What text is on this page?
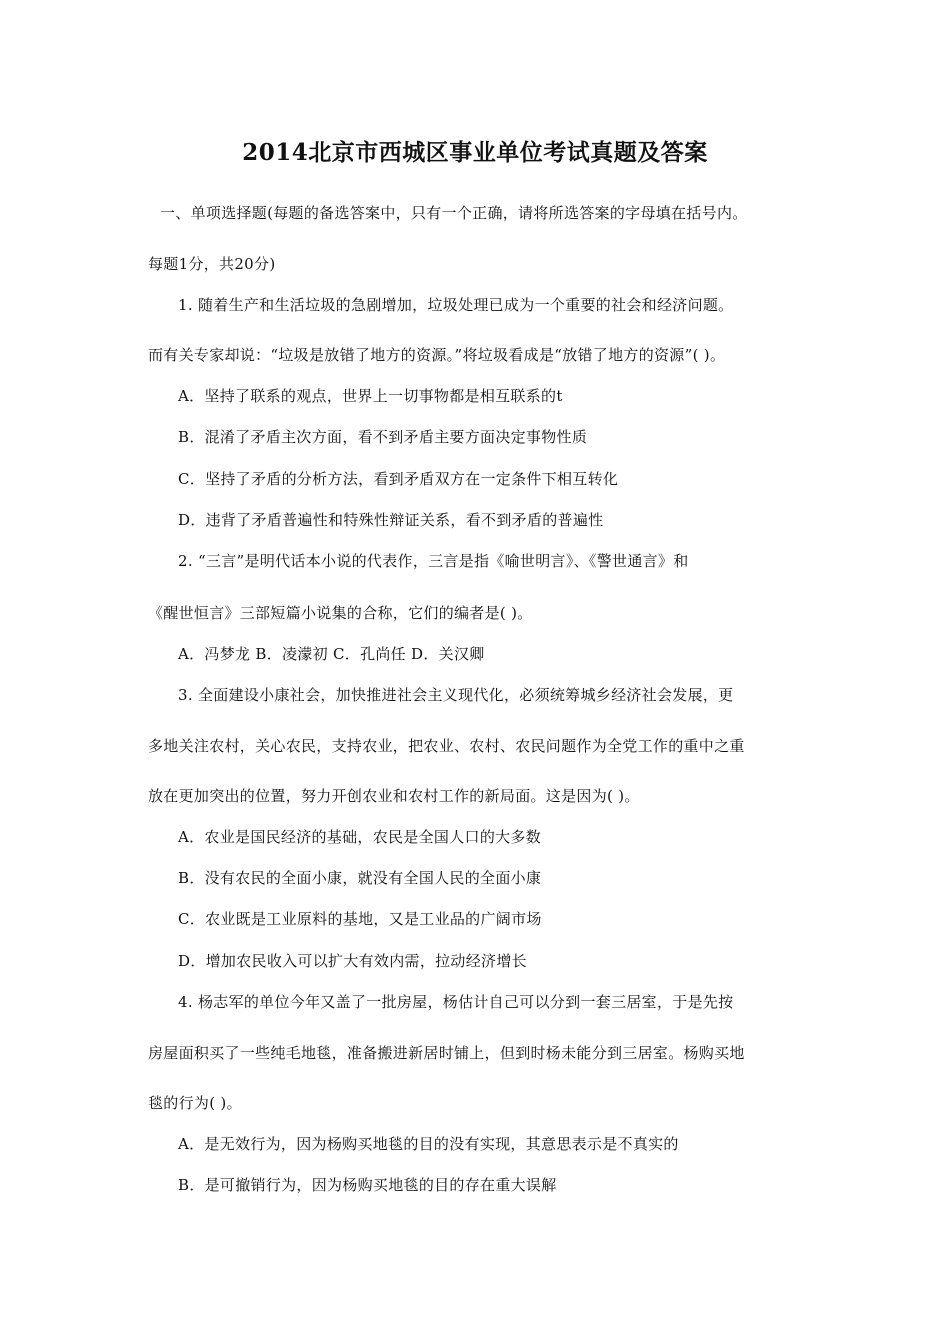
2014北京市西城区事业单位考试真题及答案
一、单项选择题(每题的备选答案中，只有一个正确，请将所选答案的字母填在括号内。
每题1分，共20分)
1. 随着生产和生活垃圾的急剧增加，垃圾处理已成为一个重要的社会和经济问题。
而有关专家却说：“垃圾是放错了地方的资源。”将垃圾看成是“放错了地方的资源”( )。
A．坚持了联系的观点，世界上一切事物都是相互联系的t
B．混淆了矛盾主次方面，看不到矛盾主要方面决定事物性质
C．坚持了矛盾的分析方法，看到矛盾双方在一定条件下相互转化
D．违背了矛盾普遍性和特殊性辩证关系，看不到矛盾的普遍性
2. “三言”是明代话本小说的代表作，三言是指《喻世明言》、《警世通言》和
《醒世恒言》三部短篇小说集的合称，它们的编者是( )。
A．冯梦龙 B．凌濛初 C．孔尚任 D．关汉卿
3. 全面建设小康社会，加快推进社会主义现代化，必须统筹城乡经济社会发展，更
多地关注农村，关心农民，支持农业，把农业、农村、农民问题作为全党工作的重中之重
放在更加突出的位置，努力开创农业和农村工作的新局面。这是因为( )。
A．农业是国民经济的基础，农民是全国人口的大多数
B．没有农民的全面小康，就没有全国人民的全面小康
C．农业既是工业原料的基地，又是工业品的广阔市场
D．增加农民收入可以扩大有效内需，拉动经济增长
4. 杨志军的单位今年又盖了一批房屋，杨估计自己可以分到一套三居室，于是先按
房屋面积买了一些纯毛地毯，准备搬进新居时铺上，但到时杨未能分到三居室。杨购买地
毯的行为( )。
A．是无效行为，因为杨购买地毯的目的没有实现，其意思表示是不真实的
B．是可撤销行为，因为杨购买地毯的目的存在重大误解
